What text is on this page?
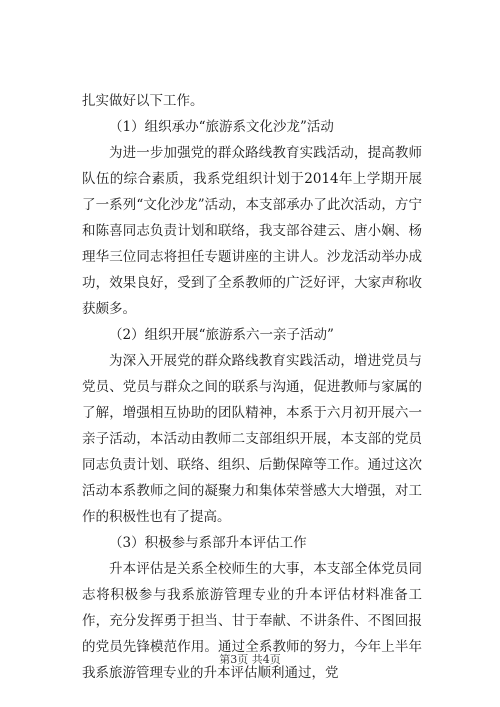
扎实做好以下工作。

（1）组织承办“旅游系文化沙龙”活动

为进一步加强党的群众路线教育实践活动，提高教师队伍的综合素质，我系党组织计划于2014年上学期开展了一系列“文化沙龙”活动，本支部承办了此次活动，方宁和陈喜同志负责计划和联络，我支部谷建云、唐小娴、杨理华三位同志将担任专题讲座的主讲人。沙龙活动举办成功，效果良好，受到了全系教师的广泛好评，大家声称收获颇多。

（2）组织开展“旅游系六一亲子活动”

为深入开展党的群众路线教育实践活动，增进党员与党员、党员与群众之间的联系与沟通，促进教师与家属的了解，增强相互协助的团队精神，本系于六月初开展六一亲子活动，本活动由教师二支部组织开展，本支部的党员同志负责计划、联络、组织、后勤保障等工作。通过这次活动本系教师之间的凝聚力和集体荣誉感大大增强，对工作的积极性也有了提高。

（3）积极参与系部升本评估工作

升本评估是关系全校师生的大事，本支部全体党员同志将积极参与我系旅游管理专业的升本评估材料准备工作，充分发挥勇于担当、甘于奉献、不讲条件、不图回报的党员先锋模范作用。通过全系教师的努力，今年上半年我系旅游管理专业的升本评估顺利通过，党

第3页 共4页
